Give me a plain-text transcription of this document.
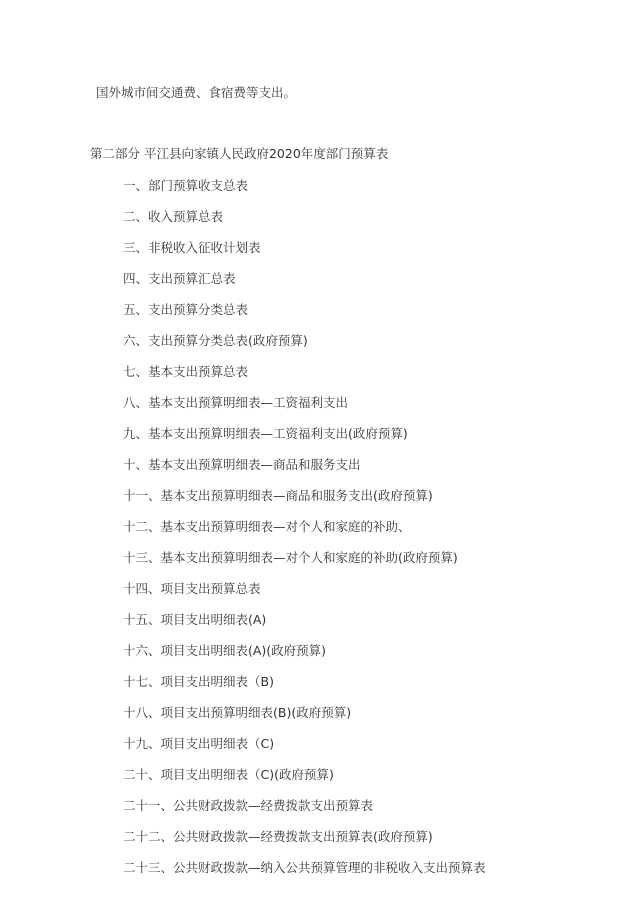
国外城市间交通费、食宿费等支出。
第二部分 平江县向家镇人民政府2020年度部门预算表
一、部门预算收支总表
二、收入预算总表
三、非税收入征收计划表
四、支出预算汇总表
五、支出预算分类总表
六、支出预算分类总表(政府预算)
七、基本支出预算总表
八、基本支出预算明细表—工资福利支出
九、基本支出预算明细表—工资福利支出(政府预算)
十、基本支出预算明细表—商品和服务支出
十一、基本支出预算明细表—商品和服务支出(政府预算)
十二、基本支出预算明细表—对个人和家庭的补助、
十三、基本支出预算明细表—对个人和家庭的补助(政府预算)
十四、项目支出预算总表
十五、项目支出明细表(A)
十六、项目支出明细表(A)(政府预算)
十七、项目支出明细表（B)
十八、项目支出预算明细表(B)(政府预算)
十九、项目支出明细表（C)
二十、项目支出明细表（C)(政府预算)
二十一、公共财政拨款—经费拨款支出预算表
二十二、公共财政拨款—经费拨款支出预算表(政府预算)
二十三、公共财政拨款—纳入公共预算管理的非税收入支出预算表
